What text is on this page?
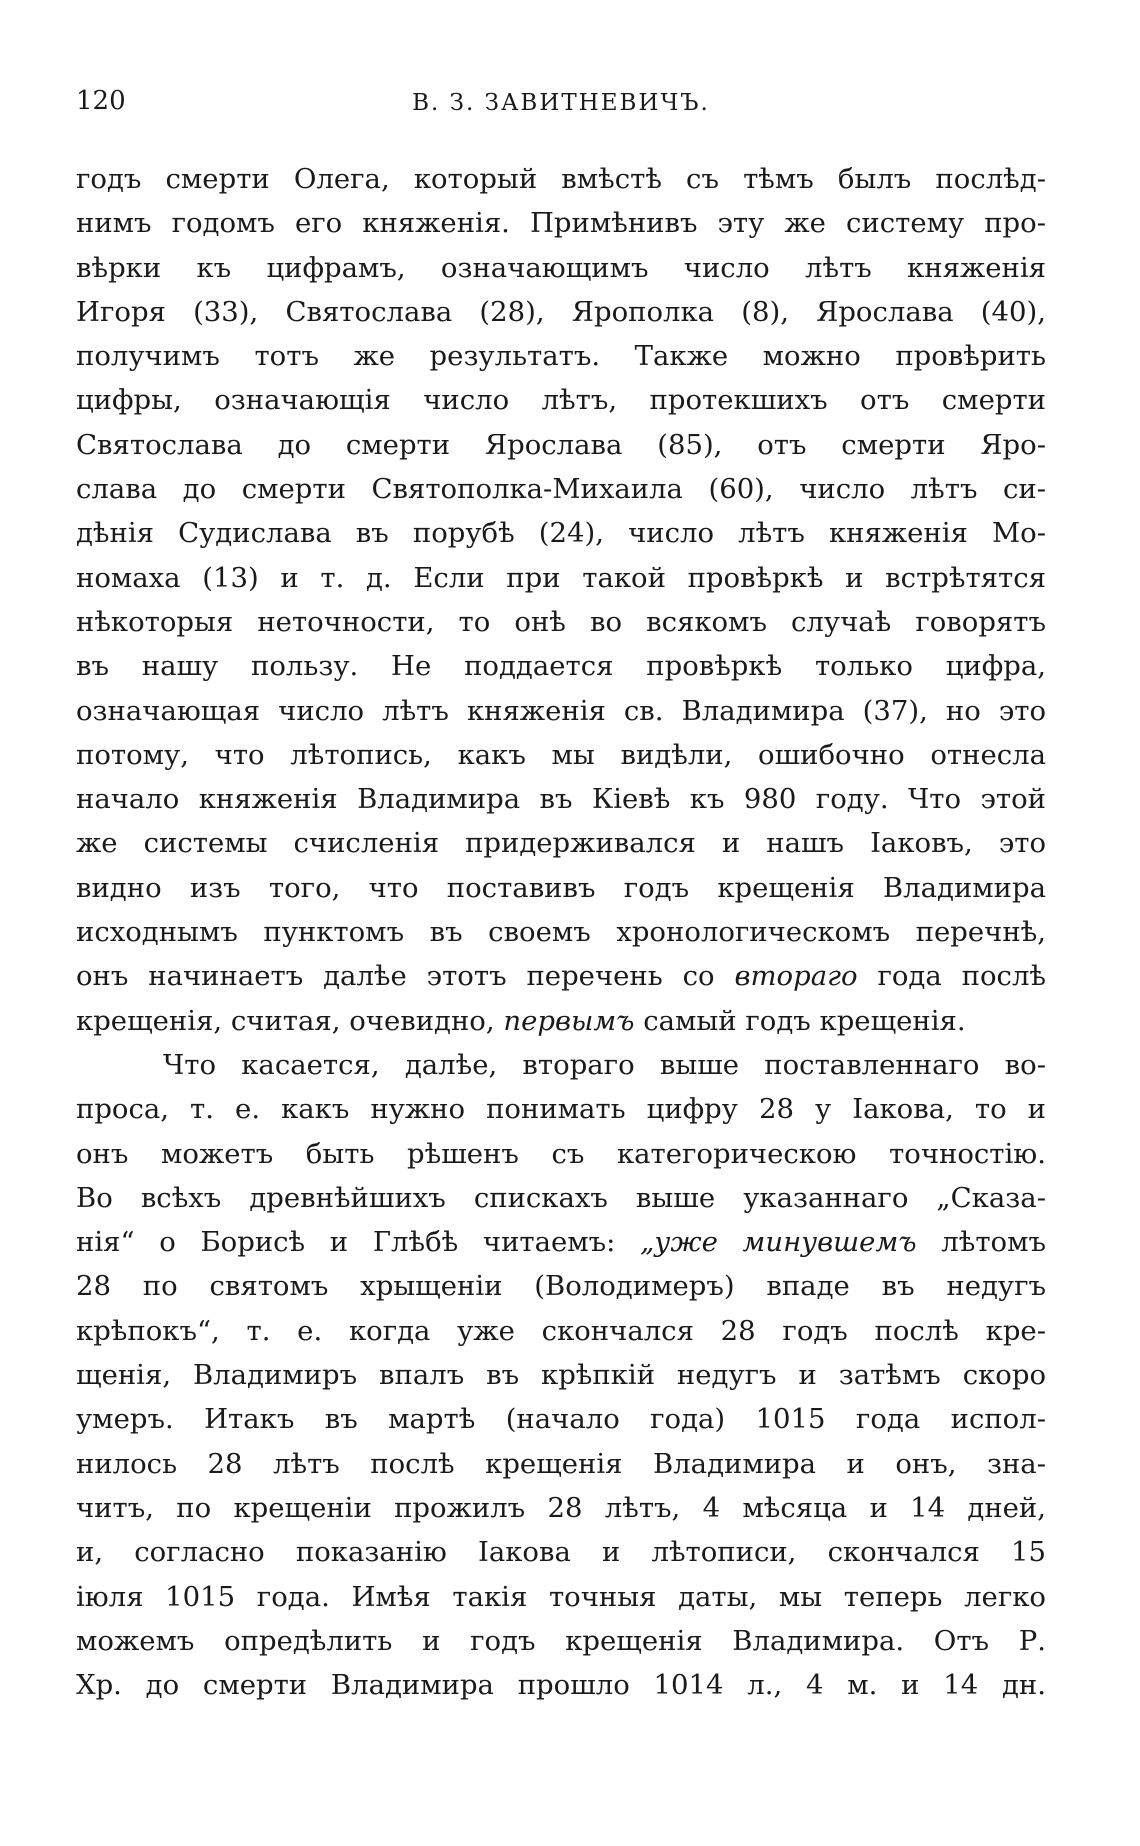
120	В. З. ЗАВИТНЕВИЧЪ.
годъ смерти Олега, который вмѣстѣ съ тѣмъ былъ послѣд-
нимъ годомъ его княженія. Примѣнивъ эту же систему про-
вѣрки къ цифрамъ, означающимъ число лѣтъ княженія
Игоря (33), Святослава (28), Ярополка (8), Ярослава (40),
получимъ тотъ же результатъ. Также можно провѣрить
цифры, означающія число лѣтъ, протекшихъ отъ смерти
Святослава до смерти Ярослава (85), отъ смерти Яро-
слава до смерти Святополка-Михаила (60), число лѣтъ си-
дѣнія Судислава въ порубѣ (24), число лѣтъ княженія Мо-
номаха (13) и т. д. Если при такой провѣркѣ и встрѣтятся
нѣкоторыя неточности, то онѣ во всякомъ случаѣ говорятъ
въ нашу пользу. Не поддается провѣркѣ только цифра,
означающая число лѣтъ княженія св. Владимира (37), но это
потому, что лѣтопись, какъ мы видѣли, ошибочно отнесла
начало княженія Владимира въ Кіевѣ къ 980 году. Что этой
же системы счисленія придерживался и нашъ Іаковъ, это
видно изъ того, что поставивъ годъ крещенія Владимира
исходнымъ пунктомъ въ своемъ хронологическомъ перечнѣ,
онъ начинаетъ далѣе этотъ перечень со втораго года послѣ
крещенія, считая, очевидно, первымъ самый годъ крещенія.
Что касается, далѣе, втораго выше поставленнаго во-
проса, т. е. какъ нужно понимать цифру 28 у Іакова, то и
онъ можетъ быть рѣшенъ съ категорическою точностію.
Во всѣхъ древнѣйшихъ спискахъ выше указаннаго „Сказа-
нія“ о Борисѣ и Глѣбѣ читаемъ: „уже минувшемъ лѣтомъ
28 по святомъ хрыщеніи (Володимеръ) впаде въ недугъ
крѣпокъ“, т. е. когда уже скончался 28 годъ послѣ кре-
щенія, Владимиръ впалъ въ крѣпкій недугъ и затѣмъ скоро
умеръ. Итакъ въ мартѣ (начало года) 1015 года испол-
нилось 28 лѣтъ послѣ крещенія Владимира и онъ, зна-
читъ, по крещеніи прожилъ 28 лѣтъ, 4 мѣсяца и 14 дней,
и, согласно показанію Іакова и лѣтописи, скончался 15
іюля 1015 года. Имѣя такія точныя даты, мы теперь легко
можемъ опредѣлить и годъ крещенія Владимира. Отъ Р.
Хр. до смерти Владимира прошло 1014 л., 4 м. и 14 дн.
